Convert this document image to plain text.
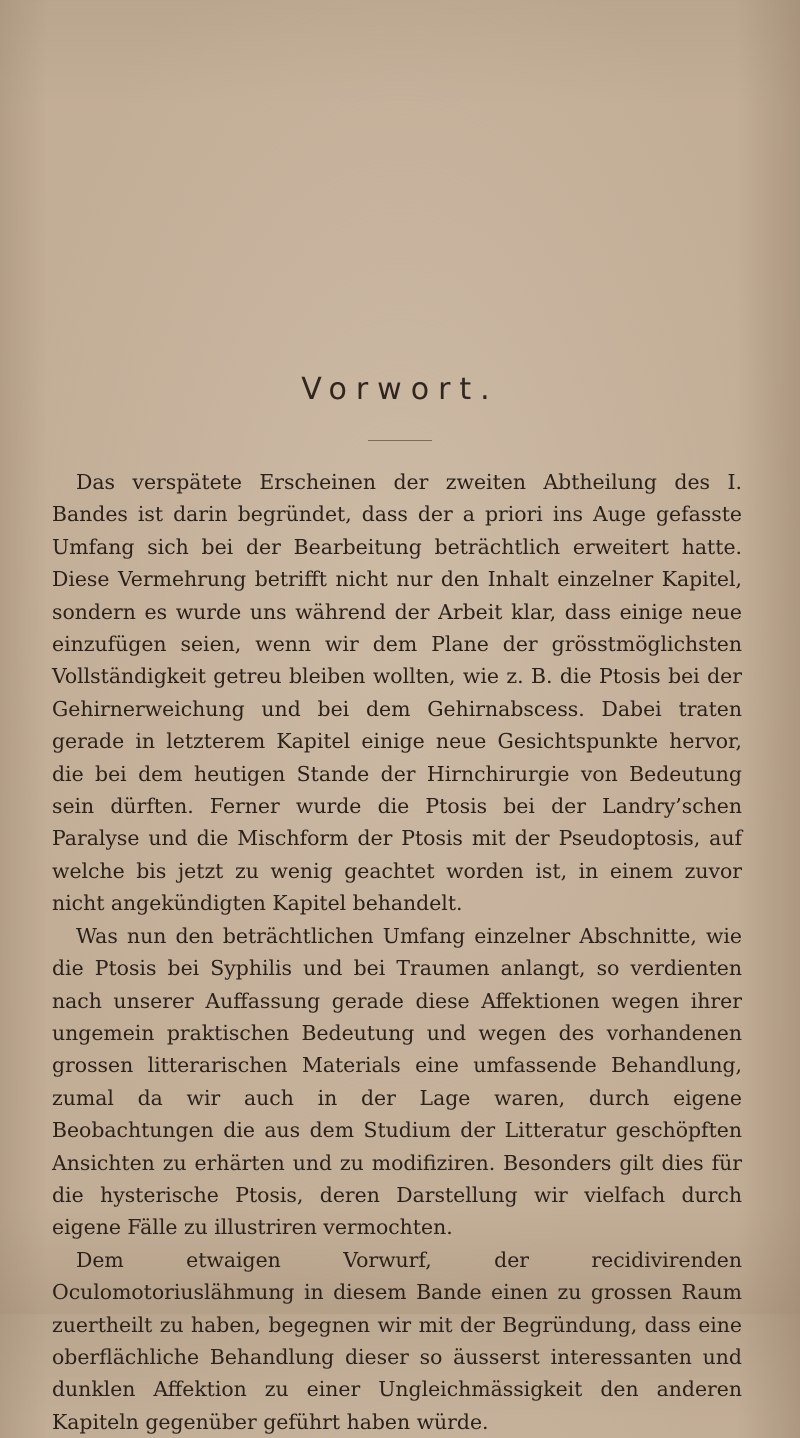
Vorwort.

Das verspätete Erscheinen der zweiten Abtheilung des I. Bandes ist darin begründet, dass der a priori ins Auge gefasste Umfang sich bei der Bearbeitung beträchtlich erweitert hatte. Diese Vermehrung betrifft nicht nur den Inhalt einzelner Kapitel, sondern es wurde uns während der Arbeit klar, dass einige neue einzufügen seien, wenn wir dem Plane der grösstmöglichsten Vollständigkeit getreu bleiben wollten, wie z. B. die Ptosis bei der Gehirnerweichung und bei dem Gehirnabscess. Dabei traten gerade in letzterem Kapitel einige neue Gesichtspunkte hervor, die bei dem heutigen Stande der Hirnchirurgie von Bedeutung sein dürften. Ferner wurde die Ptosis bei der Landry’schen Paralyse und die Mischform der Ptosis mit der Pseudoptosis, auf welche bis jetzt zu wenig geachtet worden ist, in einem zuvor nicht angekündigten Kapitel behandelt.

Was nun den beträchtlichen Umfang einzelner Abschnitte, wie die Ptosis bei Syphilis und bei Traumen anlangt, so verdienten nach unserer Auffassung gerade diese Affektionen wegen ihrer ungemein praktischen Bedeutung und wegen des vorhandenen grossen litterarischen Materials eine umfassende Behandlung, zumal da wir auch in der Lage waren, durch eigene Beobachtungen die aus dem Studium der Litteratur geschöpften Ansichten zu erhärten und zu modifiziren. Besonders gilt dies für die hysterische Ptosis, deren Darstellung wir vielfach durch eigene Fälle zu illustriren vermochten.

Dem etwaigen Vorwurf, der recidivirenden Oculomotoriuslähmung in diesem Bande einen zu grossen Raum zuertheilt zu haben, begegnen wir mit der Begründung, dass eine oberflächliche Behandlung dieser so äusserst interessanten und dunklen Affektion zu einer Ungleichmässigkeit den anderen Kapiteln gegenüber geführt haben würde.
